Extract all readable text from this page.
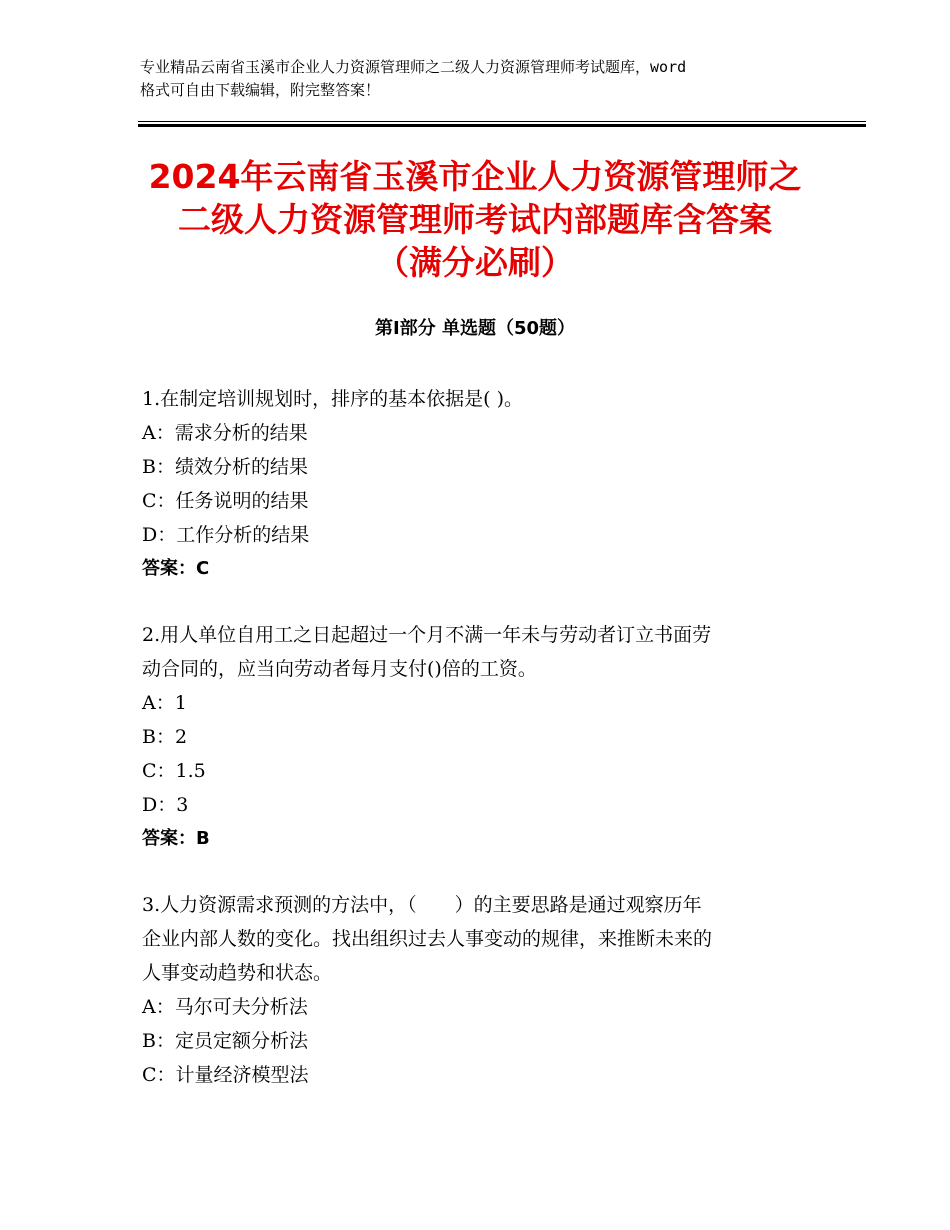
专业精品云南省玉溪市企业人力资源管理师之二级人力资源管理师考试题库，word
格式可自由下载编辑，附完整答案！
2024年云南省玉溪市企业人力资源管理师之
二级人力资源管理师考试内部题库含答案
（满分必刷）
第Ⅰ部分 单选题（50题）
1.在制定培训规划时，排序的基本依据是( )。
A：需求分析的结果
B：绩效分析的结果
C：任务说明的结果
D：工作分析的结果
答案：C
2.用人单位自用工之日起超过一个月不满一年未与劳动者订立书面劳
动合同的，应当向劳动者每月支付()倍的工资。
A：1
B：2
C：1.5
D：3
答案：B
3.人力资源需求预测的方法中，（　　）的主要思路是通过观察历年
企业内部人数的变化。找出组织过去人事变动的规律，来推断未来的
人事变动趋势和状态。
A：马尔可夫分析法
B：定员定额分析法
C：计量经济模型法
